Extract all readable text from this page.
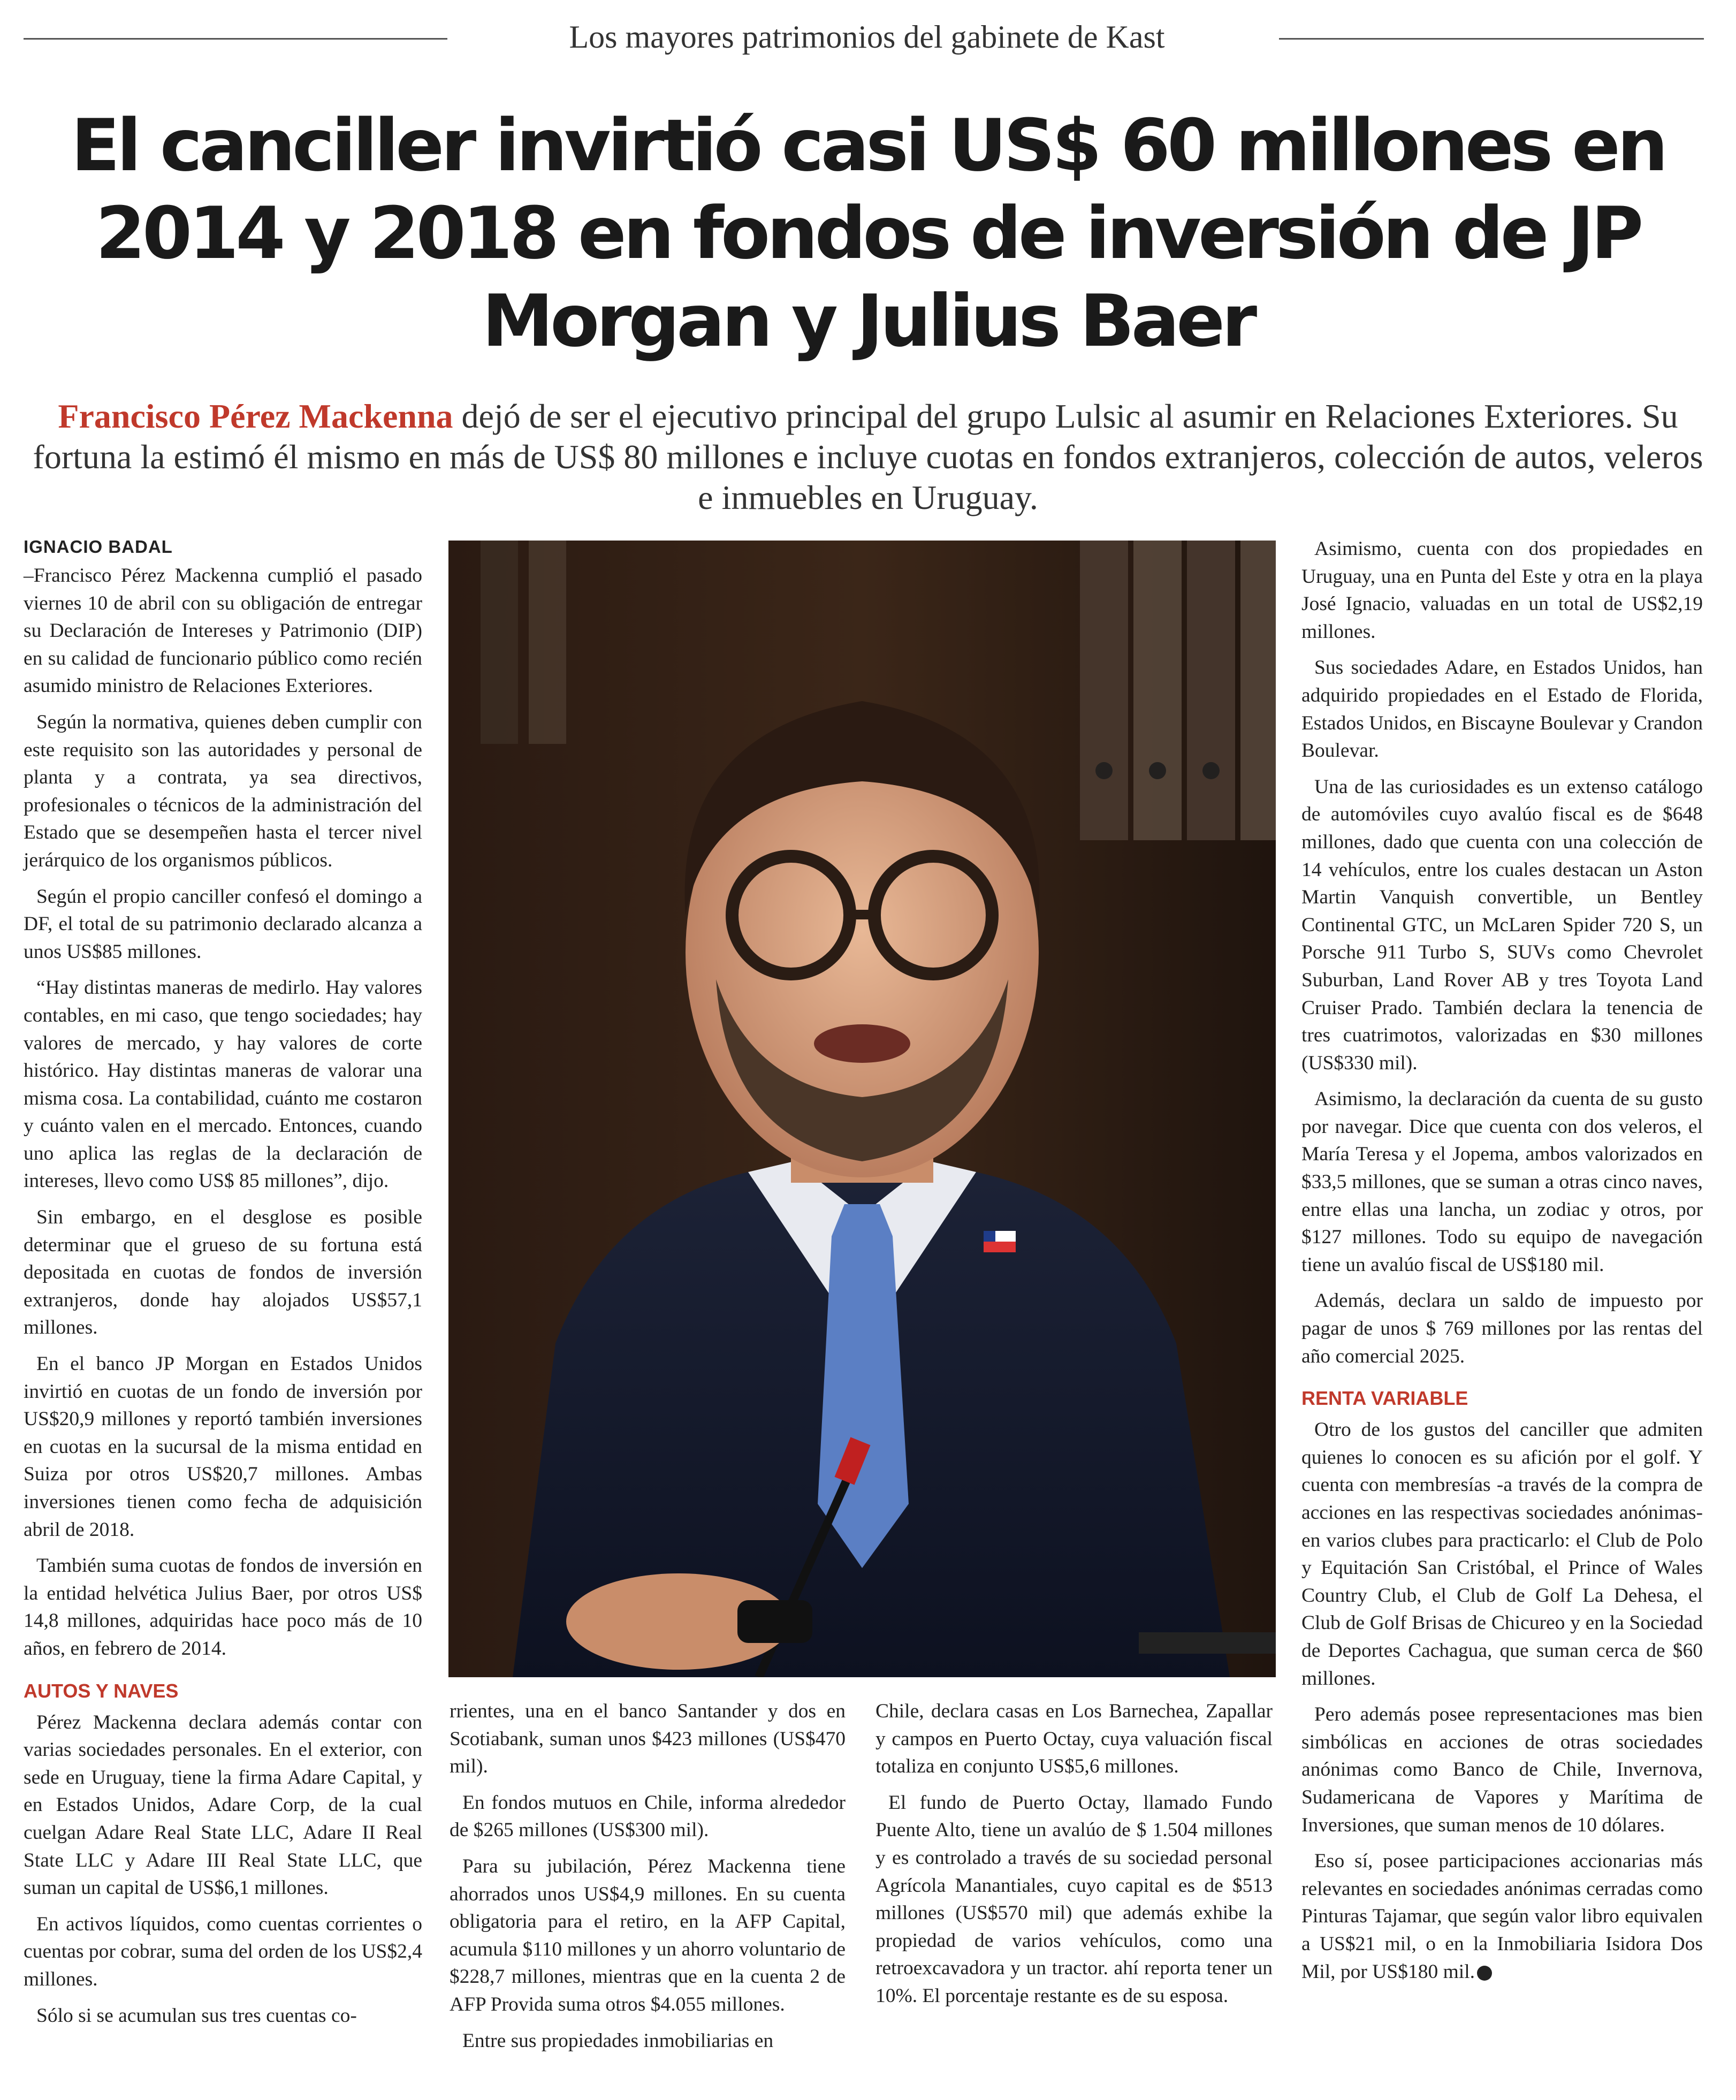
Los mayores patrimonios del gabinete de Kast
El canciller invirtió casi US$ 60 millones en 2014 y 2018 en fondos de inversión de JP Morgan y Julius Baer

Francisco Pérez Mackenna dejó de ser el ejecutivo principal del grupo Lulsic al asumir en Relaciones Exteriores. Su fortuna la estimó él mismo en más de US$ 80 millones e incluye cuotas en fondos extranjeros, colección de autos, veleros e inmuebles en Uruguay.

IGNACIO BADAL

–Francisco Pérez Mackenna cumplió el pasado viernes 10 de abril con su obligación de entregar su Declaración de Intereses y Patrimonio (DIP) en su calidad de funcionario público como recién asumido ministro de Relaciones Exteriores.

Según la normativa, quienes deben cumplir con este requisito son las autoridades y personal de planta y a contrata, ya sea directivos, profesionales o técnicos de la administración del Estado que se desempeñen hasta el tercer nivel jerárquico de los organismos públicos.

Según el propio canciller confesó el domingo a DF, el total de su patrimonio declarado alcanza a unos US$85 millones.

“Hay distintas maneras de medirlo. Hay valores contables, en mi caso, que tengo sociedades; hay valores de mercado, y hay valores de corte histórico. Hay distintas maneras de valorar una misma cosa. La contabilidad, cuánto me costaron y cuánto valen en el mercado. Entonces, cuando uno aplica las reglas de la declaración de intereses, llevo como US$ 85 millones”, dijo.

Sin embargo, en el desglose es posible determinar que el grueso de su fortuna está depositada en cuotas de fondos de inversión extranjeros, donde hay alojados US$57,1 millones.

En el banco JP Morgan en Estados Unidos invirtió en cuotas de un fondo de inversión por US$20,9 millones y reportó también inversiones en cuotas en la sucursal de la misma entidad en Suiza por otros US$20,7 millones. Ambas inversiones tienen como fecha de adquisición abril de 2018.

También suma cuotas de fondos de inversión en la entidad helvética Julius Baer, por otros US$ 14,8 millones, adquiridas hace poco más de 10 años, en febrero de 2014.

AUTOS Y NAVES

Pérez Mackenna declara además contar con varias sociedades personales. En el exterior, con sede en Uruguay, tiene la firma Adare Capital, y en Estados Unidos, Adare Corp, de la cual cuelgan Adare Real State LLC, Adare II Real State LLC y Adare III Real State LLC, que suman un capital de US$6,1 millones.

En activos líquidos, como cuentas corrientes o cuentas por cobrar, suma del orden de los US$2,4 millones.

Sólo si se acumulan sus tres cuentas co-

rrientes, una en el banco Santander y dos en Scotiabank, suman unos $423 millones (US$470 mil).

En fondos mutuos en Chile, informa alrededor de $265 millones (US$300 mil).

Para su jubilación, Pérez Mackenna tiene ahorrados unos US$4,9 millones. En su cuenta obligatoria para el retiro, en la AFP Capital, acumula $110 millones y un ahorro voluntario de $228,7 millones, mientras que en la cuenta 2 de AFP Provida suma otros $4.055 millones.

Entre sus propiedades inmobiliarias en

Chile, declara casas en Los Barnechea, Zapallar y campos en Puerto Octay, cuya valuación fiscal totaliza en conjunto US$5,6 millones.

El fundo de Puerto Octay, llamado Fundo Puente Alto, tiene un avalúo de $ 1.504 millones y es controlado a través de su sociedad personal Agrícola Manantiales, cuyo capital es de $513 millones (US$570 mil) que además exhibe la propiedad de varios vehículos, como una retroexcavadora y un tractor. ahí reporta tener un 10%. El porcentaje restante es de su esposa.

Asimismo, cuenta con dos propiedades en Uruguay, una en Punta del Este y otra en la playa José Ignacio, valuadas en un total de US$2,19 millones.

Sus sociedades Adare, en Estados Unidos, han adquirido propiedades en el Estado de Florida, Estados Unidos, en Biscayne Boulevar y Crandon Boulevar.

Una de las curiosidades es un extenso catálogo de automóviles cuyo avalúo fiscal es de $648 millones, dado que cuenta con una colección de 14 vehículos, entre los cuales destacan un Aston Martin Vanquish convertible, un Bentley Continental GTC, un McLaren Spider 720 S, un Porsche 911 Turbo S, SUVs como Chevrolet Suburban, Land Rover AB y tres Toyota Land Cruiser Prado. También declara la tenencia de tres cuatrimotos, valorizadas en $30 millones (US$330 mil).

Asimismo, la declaración da cuenta de su gusto por navegar. Dice que cuenta con dos veleros, el María Teresa y el Jopema, ambos valorizados en $33,5 millones, que se suman a otras cinco naves, entre ellas una lancha, un zodiac y otros, por $127 millones. Todo su equipo de navegación tiene un avalúo fiscal de US$180 mil.

Además, declara un saldo de impuesto por pagar de unos $ 769 millones por las rentas del año comercial 2025.

RENTA VARIABLE

Otro de los gustos del canciller que admiten quienes lo conocen es su afición por el golf. Y cuenta con membresías -a través de la compra de acciones en las respectivas sociedades anónimas- en varios clubes para practicarlo: el Club de Polo y Equitación San Cristóbal, el Prince of Wales Country Club, el Club de Golf La Dehesa, el Club de Golf Brisas de Chicureo y en la Sociedad de Deportes Cachagua, que suman cerca de $60 millones.

Pero además posee representaciones mas bien simbólicas en acciones de otras sociedades anónimas como Banco de Chile, Invernova, Sudamericana de Vapores y Marítima de Inversiones, que suman menos de 10 dólares.

Eso sí, posee participaciones accionarias más relevantes en sociedades anónimas cerradas como Pinturas Tajamar, que según valor libro equivalen a US$21 mil, o en la Inmobiliaria Isidora Dos Mil, por US$180 mil.
